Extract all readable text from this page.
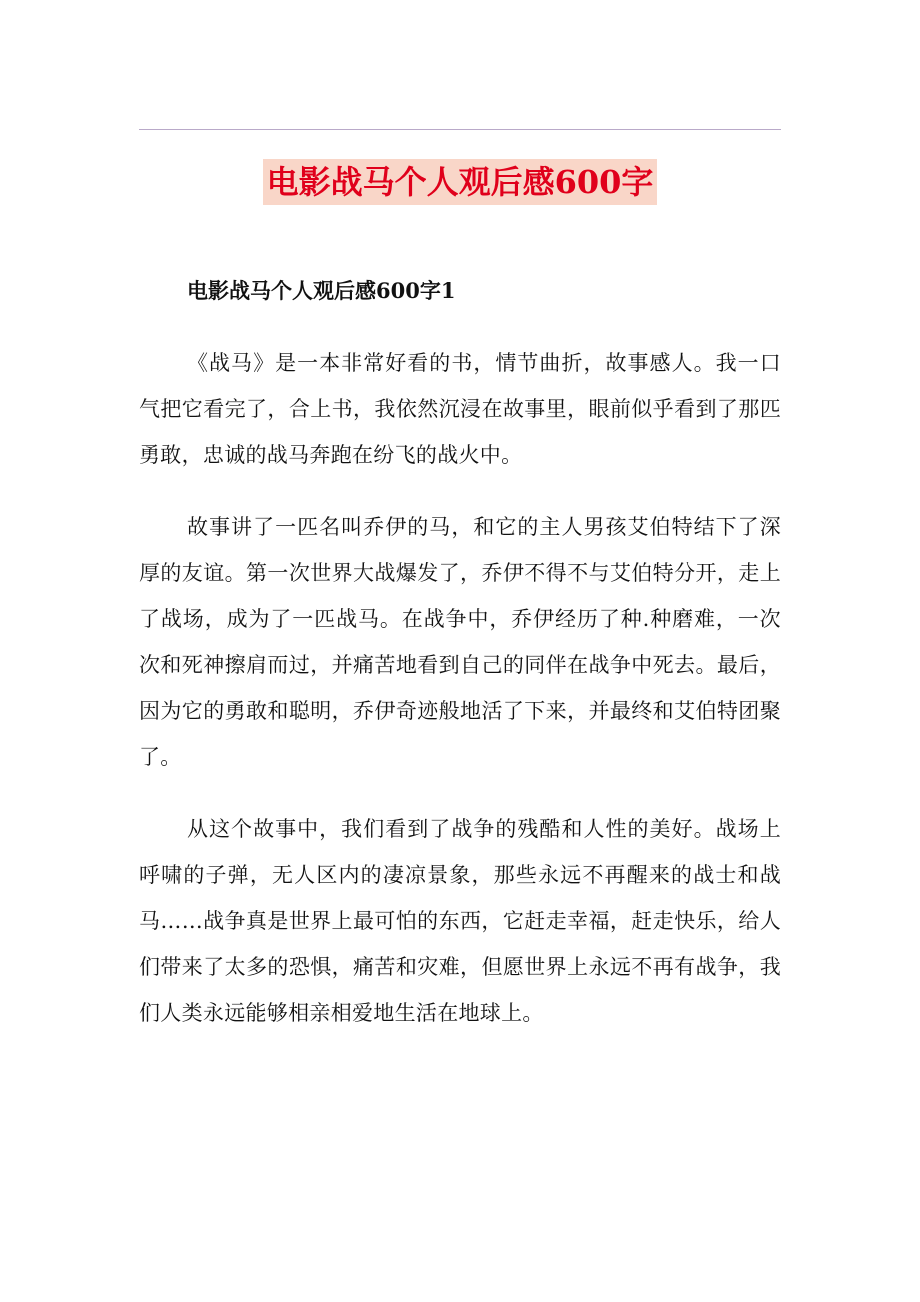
电影战马个人观后感600字
电影战马个人观后感600字1

《战马》是一本非常好看的书，情节曲折，故事感人。我一口气把它看完了，合上书，我依然沉浸在故事里，眼前似乎看到了那匹勇敢，忠诚的战马奔跑在纷飞的战火中。

故事讲了一匹名叫乔伊的马，和它的主人男孩艾伯特结下了深厚的友谊。第一次世界大战爆发了，乔伊不得不与艾伯特分开，走上了战场，成为了一匹战马。在战争中，乔伊经历了种.种磨难，一次次和死神擦肩而过，并痛苦地看到自己的同伴在战争中死去。最后，因为它的勇敢和聪明，乔伊奇迹般地活了下来，并最终和艾伯特团聚了。

从这个故事中，我们看到了战争的残酷和人性的美好。战场上呼啸的子弹，无人区内的凄凉景象，那些永远不再醒来的战士和战马……战争真是世界上最可怕的东西，它赶走幸福，赶走快乐，给人们带来了太多的恐惧，痛苦和灾难，但愿世界上永远不再有战争，我们人类永远能够相亲相爱地生活在地球上。
